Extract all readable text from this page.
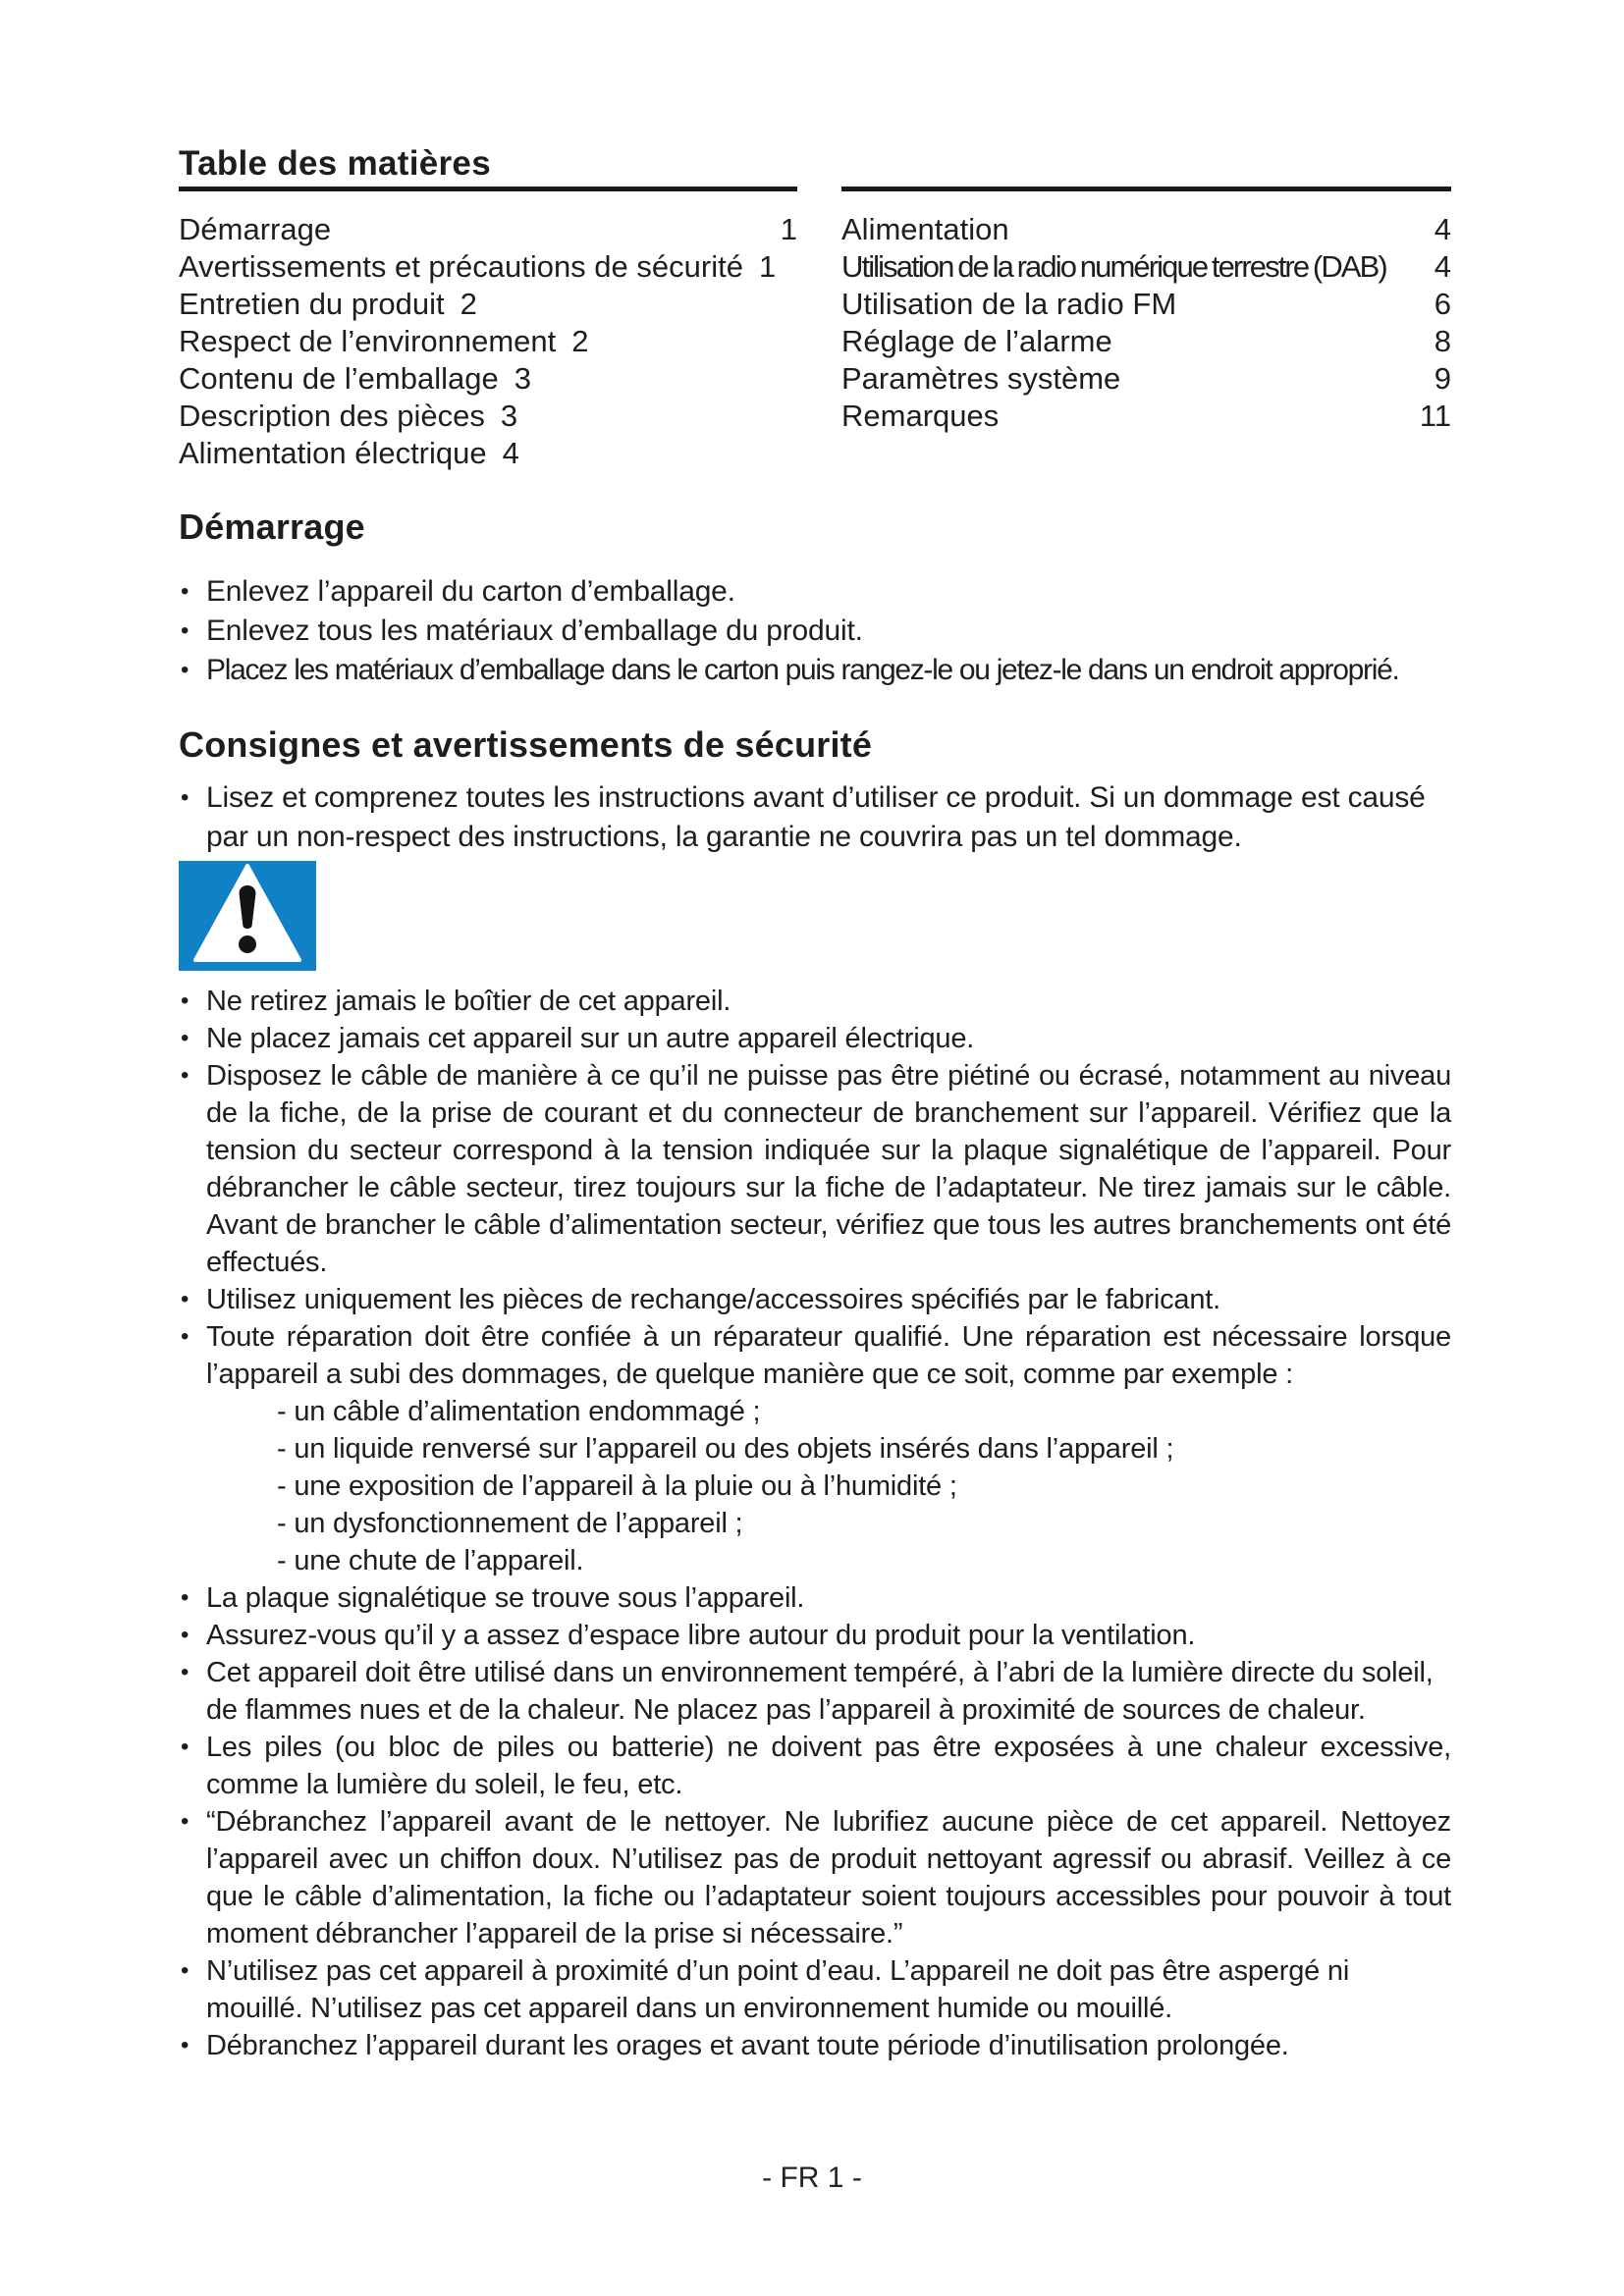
Table des matières
Démarrage	1
Avertissements et précautions de sécurité 1
Entretien du produit 2
Respect de l’environnement 2
Contenu de l’emballage 3
Description des pièces 3
Alimentation électrique 4
Alimentation	4
Utilisation de la radio numérique terrestre (DAB) 4
Utilisation de la radio FM	6
Réglage de l’alarme	8
Paramètres système	9
Remarques	11
Démarrage
• Enlevez l’appareil du carton d’emballage.
• Enlevez tous les matériaux d’emballage du produit.
• Placez les matériaux d’emballage dans le carton puis rangez-le ou jetez-le dans un endroit approprié.
Consignes et avertissements de sécurité
• Lisez et comprenez toutes les instructions avant d’utiliser ce produit. Si un dommage est causé par un non-respect des instructions, la garantie ne couvrira pas un tel dommage.
• Ne retirez jamais le boîtier de cet appareil.
• Ne placez jamais cet appareil sur un autre appareil électrique.
• Disposez le câble de manière à ce qu’il ne puisse pas être piétiné ou écrasé, notamment au niveau de la fiche, de la prise de courant et du connecteur de branchement sur l’appareil. Vérifiez que la tension du secteur correspond à la tension indiquée sur la plaque signalétique de l’appareil. Pour débrancher le câble secteur, tirez toujours sur la fiche de l’adaptateur. Ne tirez jamais sur le câble. Avant de brancher le câble d’alimentation secteur, vérifiez que tous les autres branchements ont été effectués.
• Utilisez uniquement les pièces de rechange/accessoires spécifiés par le fabricant.
• Toute réparation doit être confiée à un réparateur qualifié. Une réparation est nécessaire lorsque l’appareil a subi des dommages, de quelque manière que ce soit, comme par exemple :
- un câble d’alimentation endommagé ;
- un liquide renversé sur l’appareil ou des objets insérés dans l’appareil ;
- une exposition de l’appareil à la pluie ou à l’humidité ;
- un dysfonctionnement de l’appareil ;
- une chute de l’appareil.
• La plaque signalétique se trouve sous l’appareil.
• Assurez-vous qu’il y a assez d’espace libre autour du produit pour la ventilation.
• Cet appareil doit être utilisé dans un environnement tempéré, à l’abri de la lumière directe du soleil, de flammes nues et de la chaleur. Ne placez pas l’appareil à proximité de sources de chaleur.
• Les piles (ou bloc de piles ou batterie) ne doivent pas être exposées à une chaleur excessive, comme la lumière du soleil, le feu, etc.
• “Débranchez l’appareil avant de le nettoyer. Ne lubrifiez aucune pièce de cet appareil. Nettoyez l’appareil avec un chiffon doux. N’utilisez pas de produit nettoyant agressif ou abrasif. Veillez à ce que le câble d’alimentation, la fiche ou l’adaptateur soient toujours accessibles pour pouvoir à tout moment débrancher l’appareil de la prise si nécessaire.”
• N’utilisez pas cet appareil à proximité d’un point d’eau. L’appareil ne doit pas être aspergé ni mouillé. N’utilisez pas cet appareil dans un environnement humide ou mouillé.
• Débranchez l’appareil durant les orages et avant toute période d’inutilisation prolongée.
- FR 1 -
